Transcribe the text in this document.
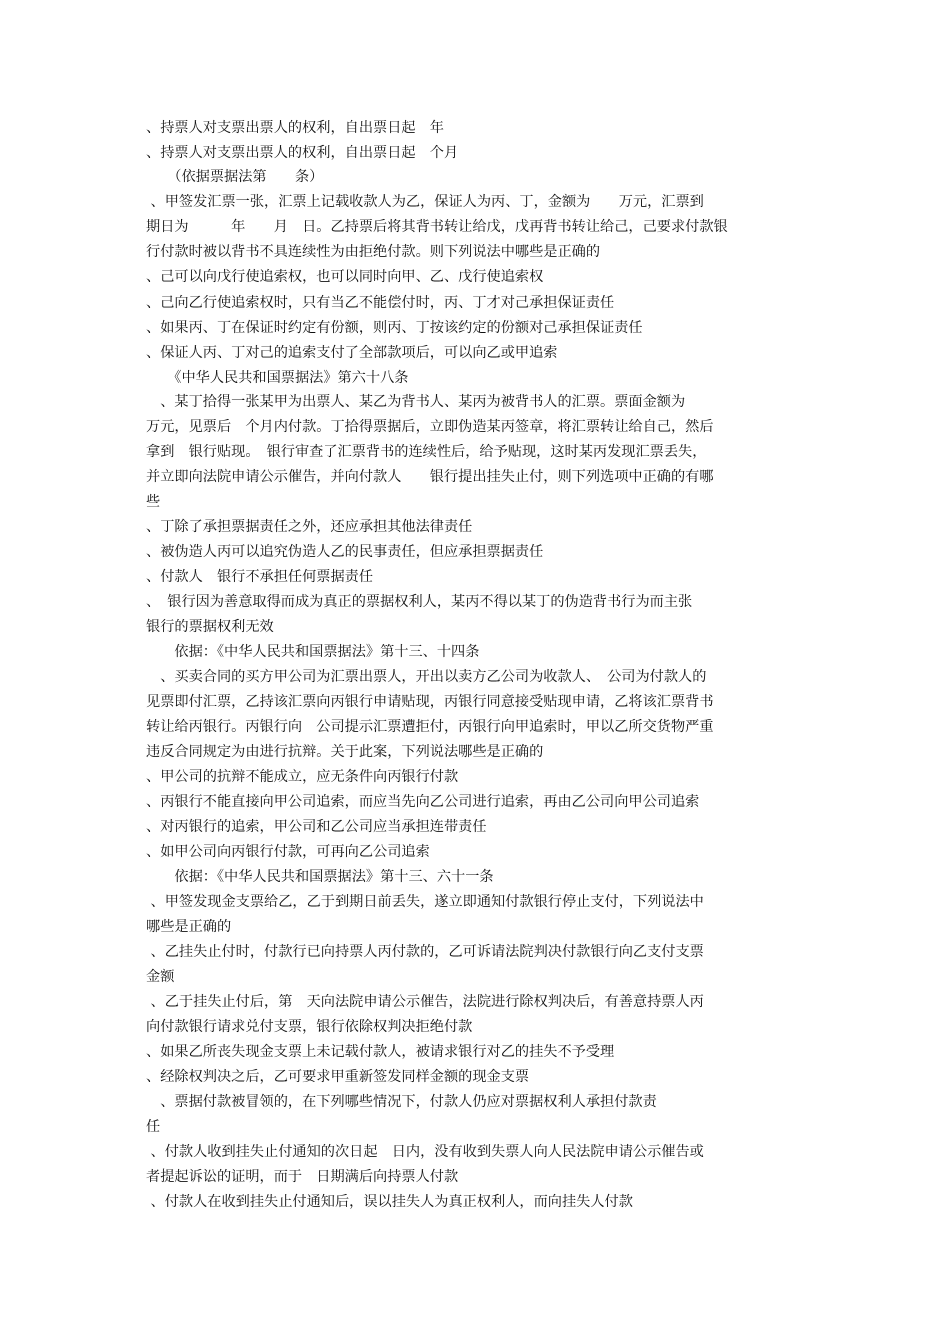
、持票人对支票出票人的权利，自出票日起　年
、持票人对支票出票人的权利，自出票日起　个月
　　（依据票据法第　　条）
、甲签发汇票一张，汇票上记载收款人为乙，保证人为丙、丁，金额为　　万元，汇票到
期日为　　　年　　月　日。乙持票后将其背书转让给戊，戊再背书转让给己，己要求付款银
行付款时被以背书不具连续性为由拒绝付款。则下列说法中哪些是正确的
、己可以向戊行使追索权，也可以同时向甲、乙、戊行使追索权
、己向乙行使追索权时，只有当乙不能偿付时，丙、丁才对己承担保证责任
、如果丙、丁在保证时约定有份额，则丙、丁按该约定的份额对己承担保证责任
、保证人丙、丁对己的追索支付了全部款项后，可以向乙或甲追索
　　《中华人民共和国票据法》第六十八条
　、某丁拾得一张某甲为出票人、某乙为背书人、某丙为被背书人的汇票。票面金额为
万元，见票后　个月内付款。丁拾得票据后，立即伪造某丙签章，将汇票转让给自己，然后
拿到　银行贴现。　银行审查了汇票背书的连续性后，给予贴现，这时某丙发现汇票丢失，
并立即向法院申请公示催告，并向付款人　　银行提出挂失止付，则下列选项中正确的有哪
些
、丁除了承担票据责任之外，还应承担其他法律责任
、被伪造人丙可以追究伪造人乙的民事责任，但应承担票据责任
、付款人　银行不承担任何票据责任
、　银行因为善意取得而成为真正的票据权利人，某丙不得以某丁的伪造背书行为而主张
银行的票据权利无效
　　依据：《中华人民共和国票据法》第十三、十四条
　、买卖合同的买方甲公司为汇票出票人，开出以卖方乙公司为收款人、　公司为付款人的
见票即付汇票，乙持该汇票向丙银行申请贴现，丙银行同意接受贴现申请，乙将该汇票背书
转让给丙银行。丙银行向　公司提示汇票遭拒付，丙银行向甲追索时，甲以乙所交货物严重
违反合同规定为由进行抗辩。关于此案，下列说法哪些是正确的
、甲公司的抗辩不能成立，应无条件向丙银行付款
、丙银行不能直接向甲公司追索，而应当先向乙公司进行追索，再由乙公司向甲公司追索
、对丙银行的追索，甲公司和乙公司应当承担连带责任
、如甲公司向丙银行付款，可再向乙公司追索
　　依据：《中华人民共和国票据法》第十三、六十一条
、甲签发现金支票给乙，乙于到期日前丢失，遂立即通知付款银行停止支付，下列说法中
哪些是正确的
、乙挂失止付时，付款行已向持票人丙付款的，乙可诉请法院判决付款银行向乙支付支票
金额
、乙于挂失止付后，第　天向法院申请公示催告，法院进行除权判决后，有善意持票人丙
向付款银行请求兑付支票，银行依除权判决拒绝付款
、如果乙所丧失现金支票上未记载付款人，被请求银行对乙的挂失不予受理
、经除权判决之后，乙可要求甲重新签发同样金额的现金支票
　、票据付款被冒领的，在下列哪些情况下，付款人仍应对票据权利人承担付款责
任
、付款人收到挂失止付通知的次日起　日内，没有收到失票人向人民法院申请公示催告或
者提起诉讼的证明，而于　日期满后向持票人付款
、付款人在收到挂失止付通知后，误以挂失人为真正权利人，而向挂失人付款
